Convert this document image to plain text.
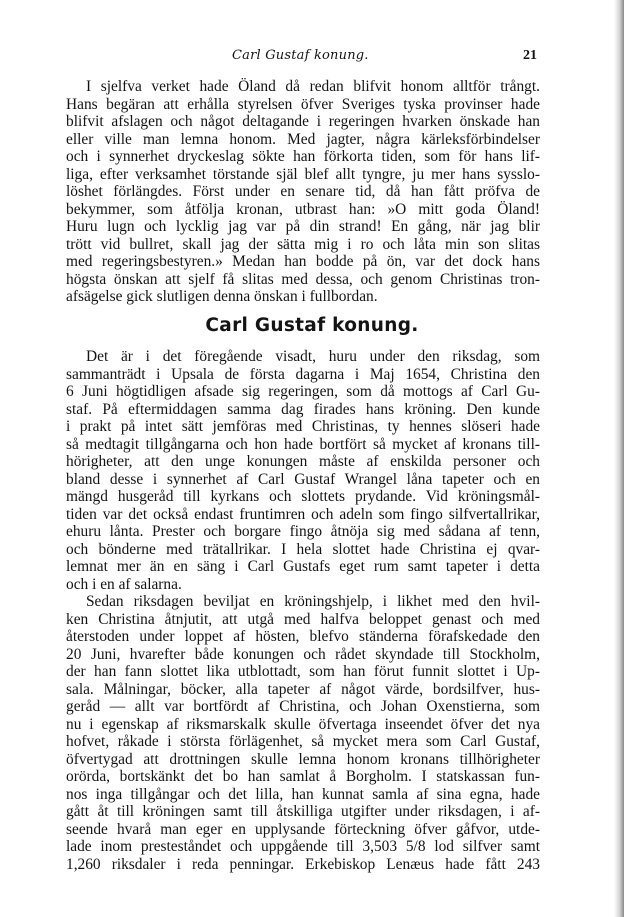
Carl Gustaf konung.	21
I sjelfva verket hade Öland då redan blifvit honom alltför trångt.
Hans begäran att erhålla styrelsen öfver Sveriges tyska provinser hade
blifvit afslagen och något deltagande i regeringen hvarken önskade han
eller ville man lemna honom. Med jagter, några kärleksförbindelser
och i synnerhet dryckeslag sökte han förkorta tiden, som för hans lif-
liga, efter verksamhet törstande själ blef allt tyngre, ju mer hans sysslo-
löshet förlängdes. Först under en senare tid, då han fått pröfva de
bekymmer, som åtfölja kronan, utbrast han: »O mitt goda Öland!
Huru lugn och lycklig jag var på din strand! En gång, när jag blir
trött vid bullret, skall jag der sätta mig i ro och låta min son slitas
med regeringsbestyren.» Medan han bodde på ön, var det dock hans
högsta önskan att sjelf få slitas med dessa, och genom Christinas tron-
afsägelse gick slutligen denna önskan i fullbordan.
Carl Gustaf konung.
Det är i det föregående visadt, huru under den riksdag, som
sammanträdt i Upsala de första dagarna i Maj 1654, Christina den
6 Juni högtidligen afsade sig regeringen, som då mottogs af Carl Gu-
staf. På eftermiddagen samma dag firades hans kröning. Den kunde
i prakt på intet sätt jemföras med Christinas, ty hennes slöseri hade
så medtagit tillgångarna och hon hade bortfört så mycket af kronans till-
hörigheter, att den unge konungen måste af enskilda personer och
bland desse i synnerhet af Carl Gustaf Wrangel låna tapeter och en
mängd husgeråd till kyrkans och slottets prydande. Vid kröningsmål-
tiden var det också endast fruntimren och adeln som fingo silfvertallrikar,
ehuru lånta. Prester och borgare fingo åtnöja sig med sådana af tenn,
och bönderne med trätallrikar. I hela slottet hade Christina ej qvar-
lemnat mer än en säng i Carl Gustafs eget rum samt tapeter i detta
och i en af salarna.
Sedan riksdagen beviljat en kröningshjelp, i likhet med den hvil-
ken Christina åtnjutit, att utgå med halfva beloppet genast och med
återstoden under loppet af hösten, blefvo ständerna förafskedade den
20 Juni, hvarefter både konungen och rådet skyndade till Stockholm,
der han fann slottet lika utblottadt, som han förut funnit slottet i Up-
sala. Målningar, böcker, alla tapeter af något värde, bordsilfver, hus-
geråd — allt var bortfördt af Christina, och Johan Oxenstierna, som
nu i egenskap af riksmarskalk skulle öfvertaga inseendet öfver det nya
hofvet, råkade i största förlägenhet, så mycket mera som Carl Gustaf,
öfvertygad att drottningen skulle lemna honom kronans tillhörigheter
orörda, bortskänkt det bo han samlat å Borgholm. I statskassan fun-
nos inga tillgångar och det lilla, han kunnat samla af sina egna, hade
gått åt till kröningen samt till åtskilliga utgifter under riksdagen, i af-
seende hvarå man eger en upplysande förteckning öfver gåfvor, utde-
lade inom presteståndet och uppgående till 3,503 5/8 lod silfver samt
1,260 riksdaler i reda penningar. Erkebiskop Lenæus hade fått 243
